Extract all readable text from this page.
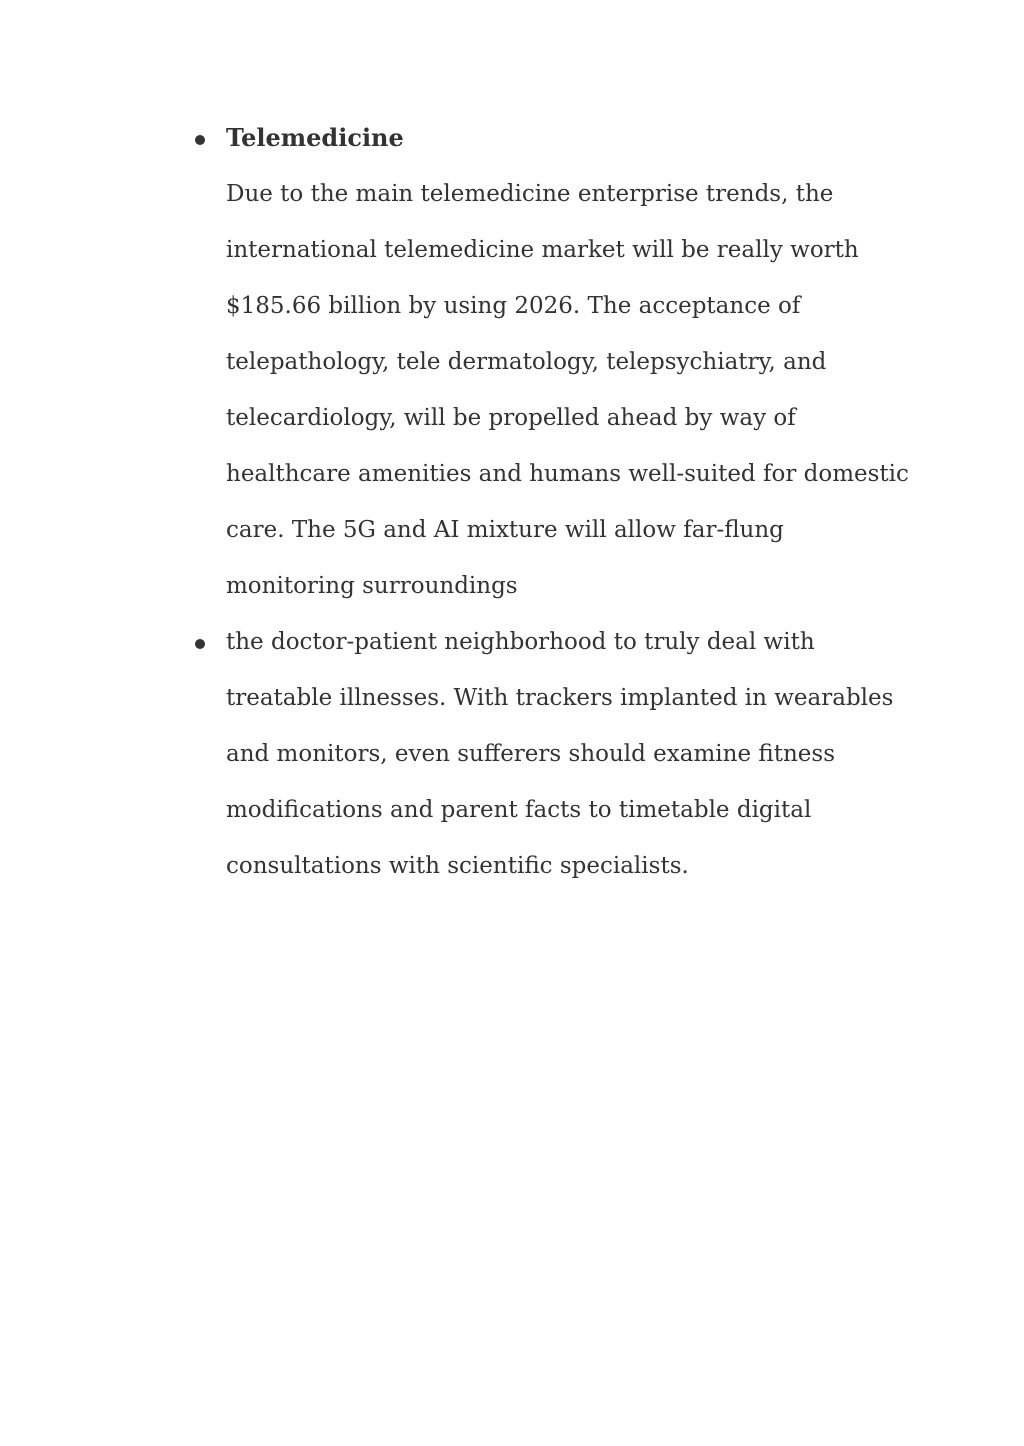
Telemedicine
Due to the main telemedicine enterprise trends, the
international telemedicine market will be really worth
$185.66 billion by using 2026. The acceptance of
telepathology, tele dermatology, telepsychiatry, and
telecardiology, will be propelled ahead by way of
healthcare amenities and humans well-suited for domestic
care. The 5G and AI mixture will allow far-flung
monitoring surroundings
the doctor-patient neighborhood to truly deal with
treatable illnesses. With trackers implanted in wearables
and monitors, even sufferers should examine fitness
modifications and parent facts to timetable digital
consultations with scientific specialists.
